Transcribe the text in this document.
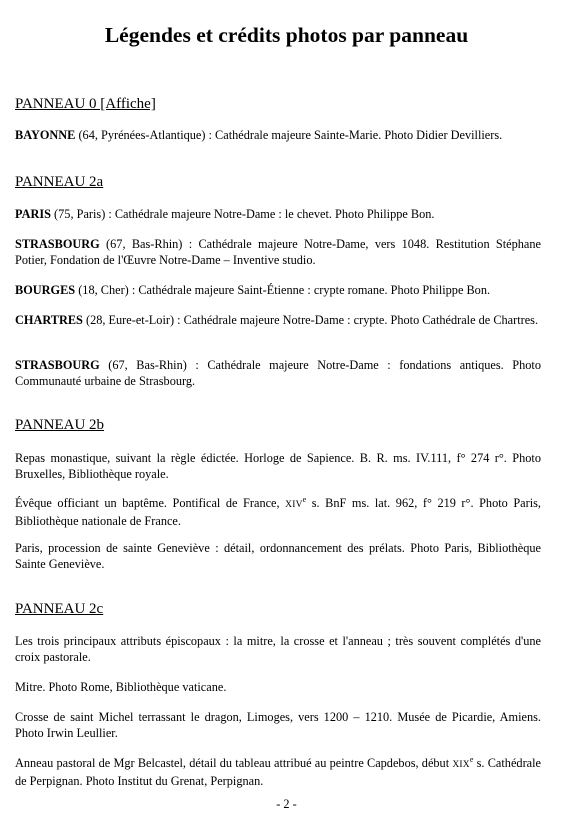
Légendes et crédits photos par panneau
PANNEAU 0 [Affiche]

BAYONNE (64, Pyrénées-Atlantique) : Cathédrale majeure Sainte-Marie. Photo Didier Devilliers.

PANNEAU 2a

PARIS (75, Paris) : Cathédrale majeure Notre-Dame : le chevet. Photo Philippe Bon.

STRASBOURG (67, Bas-Rhin) : Cathédrale majeure Notre-Dame, vers 1048. Restitution Stéphane Potier, Fondation de l'Œuvre Notre-Dame – Inventive studio.

BOURGES (18, Cher) : Cathédrale majeure Saint-Étienne : crypte romane. Photo Philippe Bon.

CHARTRES (28, Eure-et-Loir) : Cathédrale majeure Notre-Dame : crypte. Photo Cathédrale de Chartres.

STRASBOURG (67, Bas-Rhin) : Cathédrale majeure Notre-Dame : fondations antiques. Photo Communauté urbaine de Strasbourg.

PANNEAU 2b

Repas monastique, suivant la règle édictée. Horloge de Sapience. B. R. ms. IV.111, f° 274 r°. Photo Bruxelles, Bibliothèque royale.

Évêque officiant un baptême. Pontifical de France, XIVe s. BnF ms. lat. 962, f° 219 r°. Photo Paris, Bibliothèque nationale de France.

Paris, procession de sainte Geneviève : détail, ordonnancement des prélats. Photo Paris, Bibliothèque Sainte Geneviève.

PANNEAU 2c

Les trois principaux attributs épiscopaux : la mitre, la crosse et l'anneau ; très souvent complétés d'une croix pastorale.

Mitre. Photo Rome, Bibliothèque vaticane.

Crosse de saint Michel terrassant le dragon, Limoges, vers 1200 – 1210. Musée de Picardie, Amiens. Photo Irwin Leullier.

Anneau pastoral de Mgr Belcastel, détail du tableau attribué au peintre Capdebos, début XIXe s. Cathédrale de Perpignan. Photo Institut du Grenat, Perpignan.

- 2 -
